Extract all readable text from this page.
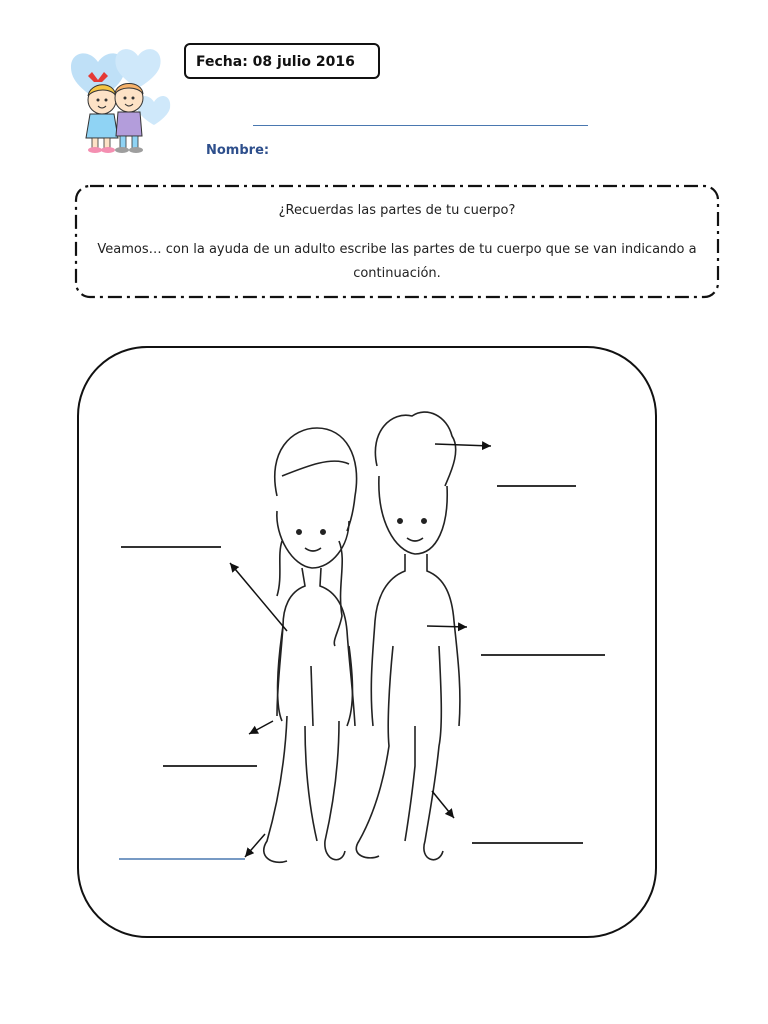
Fecha: 08 julio 2016
Nombre:
¿Recuerdas las partes de tu cuerpo?
Veamos… con la ayuda de un adulto escribe las partes de tu cuerpo que se van indicando a continuación.
